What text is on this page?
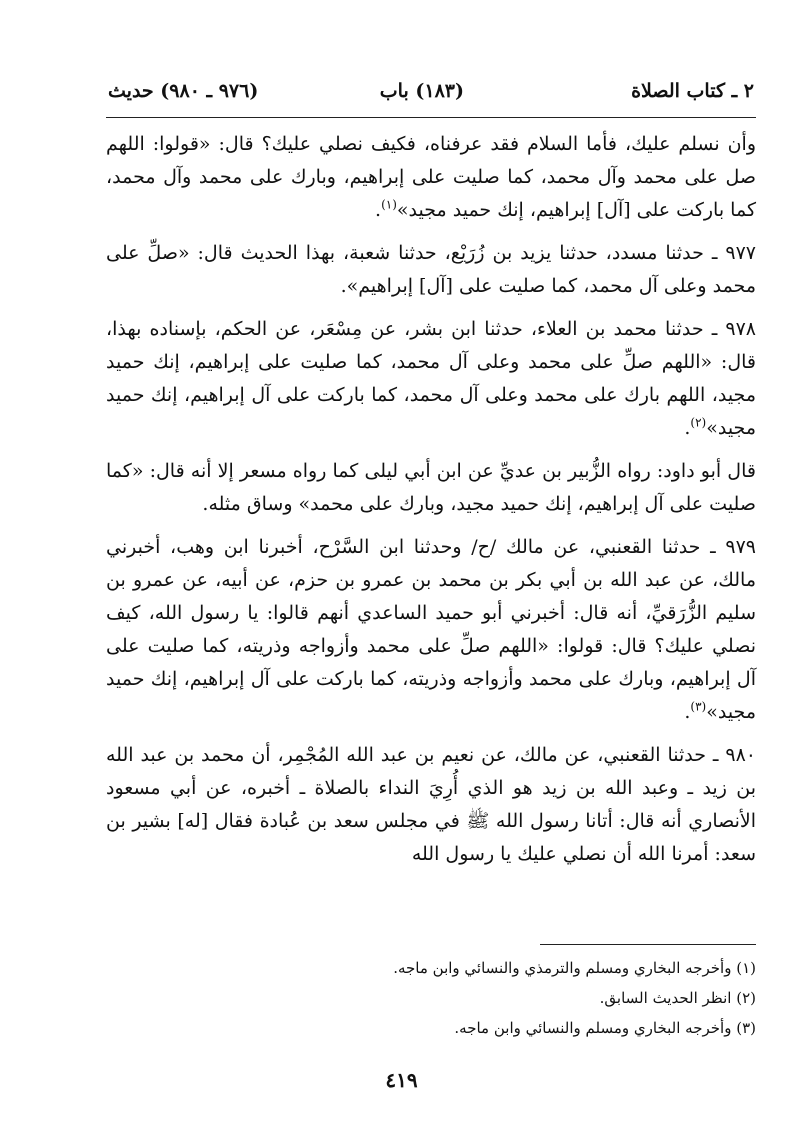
٢ ـ كتاب الصلاة
(١٨٣) باب
(٩٧٦ ـ ٩٨٠) حديث

وأن نسلم عليك، فأما السلام فقد عرفناه، فكيف نصلي عليك؟ قال: «قولوا: اللهم صل على محمد وآل محمد، كما صليت على إبراهيم، وبارك على محمد وآل محمد، كما باركت على [آل] إبراهيم، إنك حميد مجيد»$^{(١)}$.

٩٧٧ ـ حدثنا مسدد، حدثنا يزيد بن زُرَيْع، حدثنا شعبة، بهذا الحديث قال: «صلِّ على محمد وعلى آل محمد، كما صليت على [آل] إبراهيم».

٩٧٨ ـ حدثنا محمد بن العلاء، حدثنا ابن بشر، عن مِسْعَر، عن الحكم، بإسناده بهذا، قال: «اللهم صلِّ على محمد وعلى آل محمد، كما صليت على إبراهيم، إنك حميد مجيد، اللهم بارك على محمد وعلى آل محمد، كما باركت على آل إبراهيم، إنك حميد مجيد»$^{(٢)}$.

قال أبو داود: رواه الزُّبير بن عديِّ عن ابن أبي ليلى كما رواه مسعر إلا أنه قال: «كما صليت على آل إبراهيم، إنك حميد مجيد، وبارك على محمد» وساق مثله.

٩٧٩ ـ حدثنا القعنبي، عن مالك /ح/ وحدثنا ابن السَّرْح، أخبرنا ابن وهب، أخبرني مالك، عن عبد الله بن أبي بكر بن محمد بن عمرو بن حزم، عن أبيه، عن عمرو بن سليم الزُّرَقيِّ، أنه قال: أخبرني أبو حميد الساعدي أنهم قالوا: يا رسول الله، كيف نصلي عليك؟ قال: قولوا: «اللهم صلِّ على محمد وأزواجه وذريته، كما صليت على آل إبراهيم، وبارك على محمد وأزواجه وذريته، كما باركت على آل إبراهيم، إنك حميد مجيد»$^{(٣)}$.

٩٨٠ ـ حدثنا القعنبي، عن مالك، عن نعيم بن عبد الله المُجْمِر، أن محمد بن عبد الله بن زيد ـ وعبد الله بن زيد هو الذي أُرِيَ النداء بالصلاة ـ أخبره، عن أبي مسعود الأنصاري أنه قال: أتانا رسول الله ﷺ في مجلس سعد بن عُبادة فقال [له] بشير بن سعد: أمرنا الله أن نصلي عليك يا رسول الله

(١) وأخرجه البخاري ومسلم والترمذي والنسائي وابن ماجه.
(٢) انظر الحديث السابق.
(٣) وأخرجه البخاري ومسلم والنسائي وابن ماجه.
٤١٩
